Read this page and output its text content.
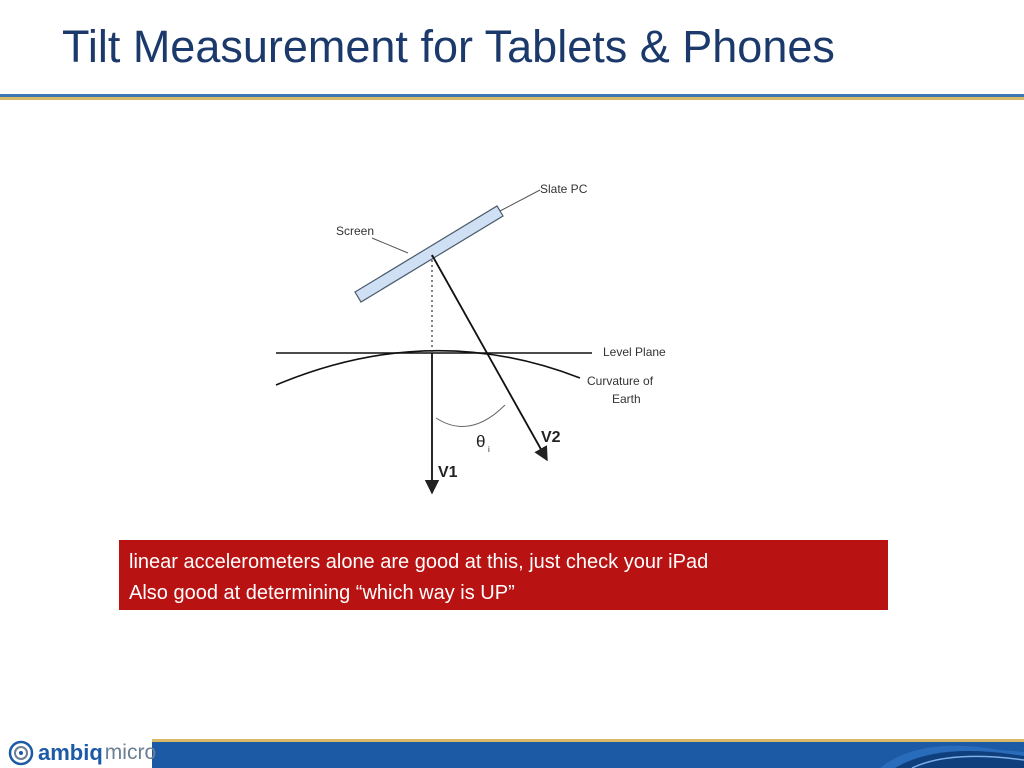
Tilt Measurement for Tablets & Phones
Slate PC
Screen
Level Plane
Curvature of
Earth
θ i
V1
V2
linear accelerometers alone are good at this, just check your iPad
Also good at determining “which way is UP”
ambiq micro
